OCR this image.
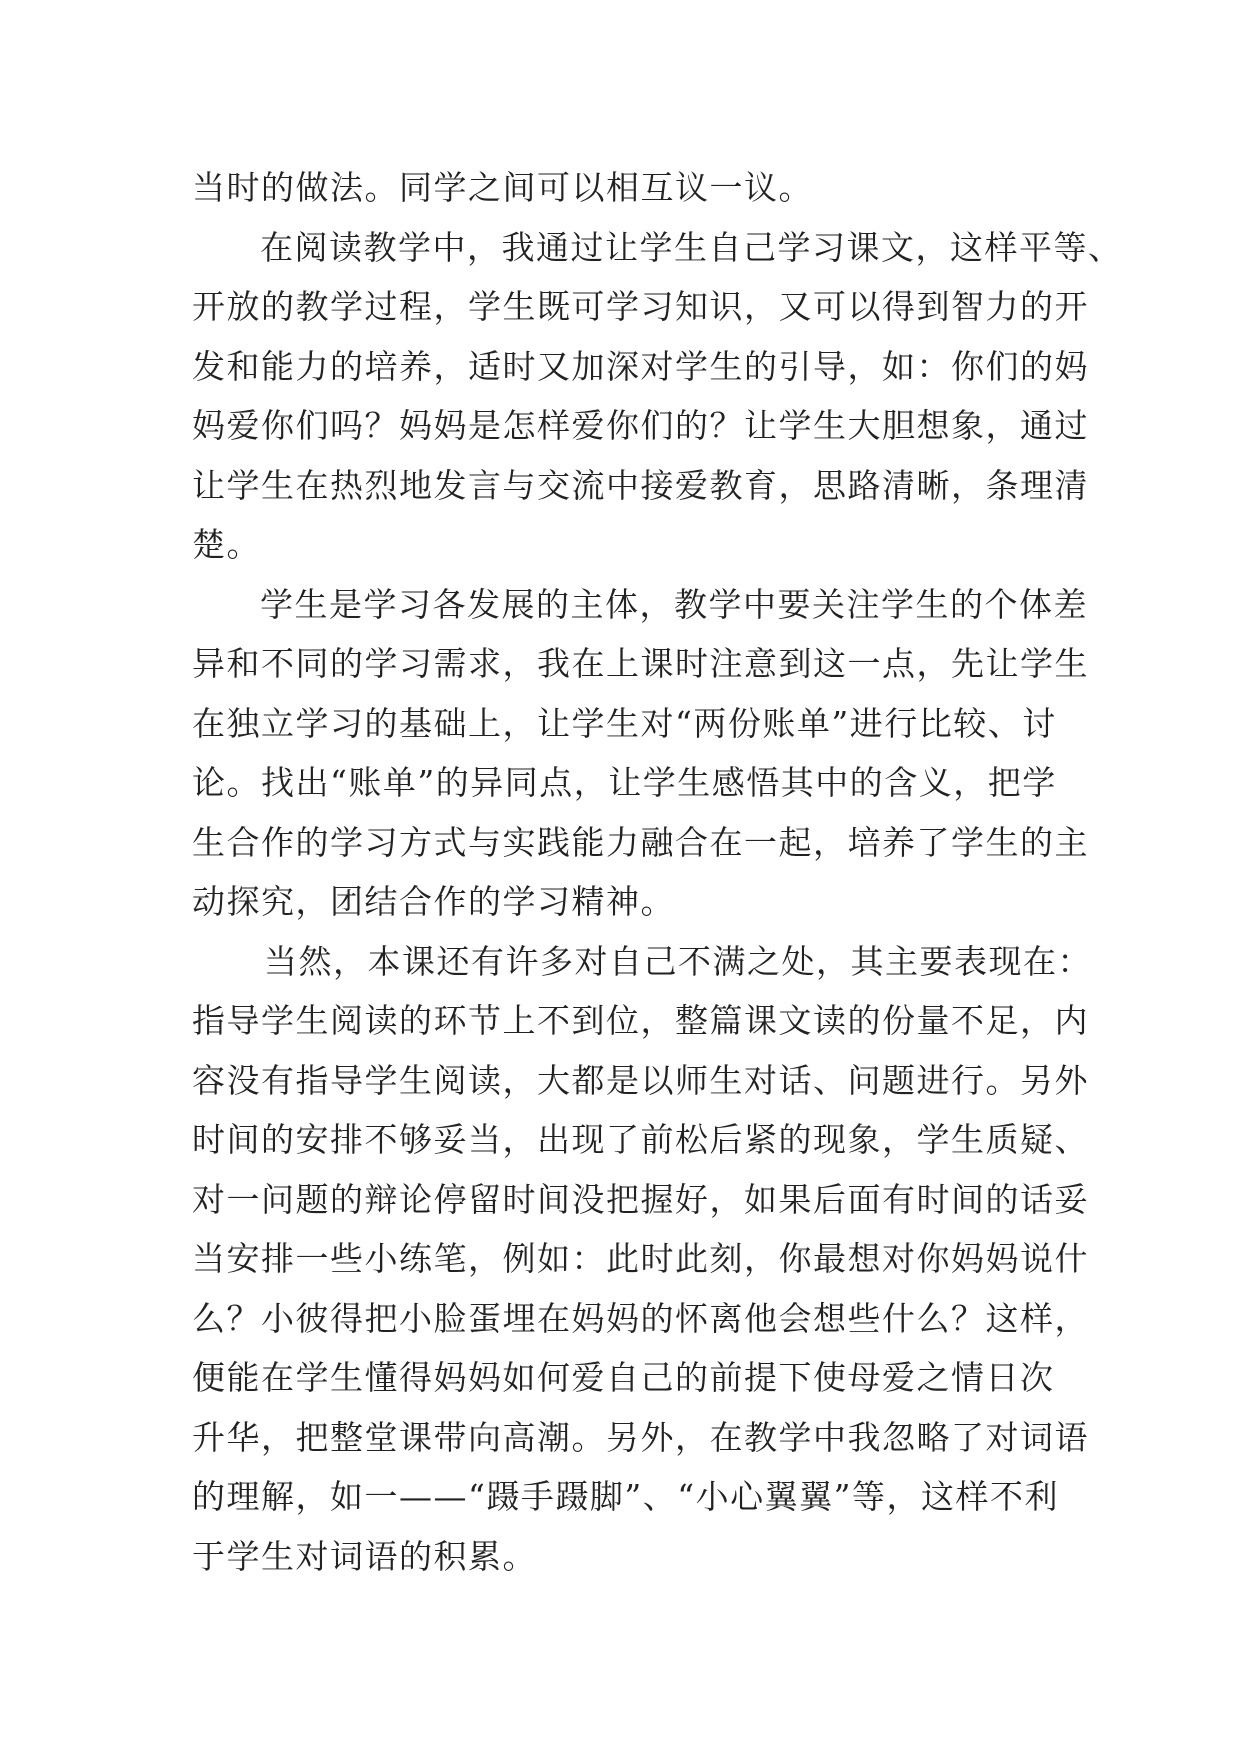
当时的做法。同学之间可以相互议一议。
在阅读教学中，我通过让学生自己学习课文，这样平等、
开放的教学过程，学生既可学习知识，又可以得到智力的开
发和能力的培养，适时又加深对学生的引导，如：你们的妈
妈爱你们吗？妈妈是怎样爱你们的？让学生大胆想象，通过
让学生在热烈地发言与交流中接爱教育，思路清晰，条理清
楚。
学生是学习各发展的主体，教学中要关注学生的个体差
异和不同的学习需求，我在上课时注意到这一点，先让学生
在独立学习的基础上，让学生对“两份账单”进行比较、讨
论。找出“账单”的异同点，让学生感悟其中的含义，把学
生合作的学习方式与实践能力融合在一起，培养了学生的主
动探究，团结合作的学习精神。
当然，本课还有许多对自己不满之处，其主要表现在：
指导学生阅读的环节上不到位，整篇课文读的份量不足，内
容没有指导学生阅读，大都是以师生对话、问题进行。另外
时间的安排不够妥当，出现了前松后紧的现象，学生质疑、
对一问题的辩论停留时间没把握好，如果后面有时间的话妥
当安排一些小练笔，例如：此时此刻，你最想对你妈妈说什
么？小彼得把小脸蛋埋在妈妈的怀离他会想些什么？这样，
便能在学生懂得妈妈如何爱自己的前提下使母爱之情日次
升华，把整堂课带向高潮。另外，在教学中我忽略了对词语
的理解，如一——“蹑手蹑脚”、“小心翼翼”等，这样不利
于学生对词语的积累。
